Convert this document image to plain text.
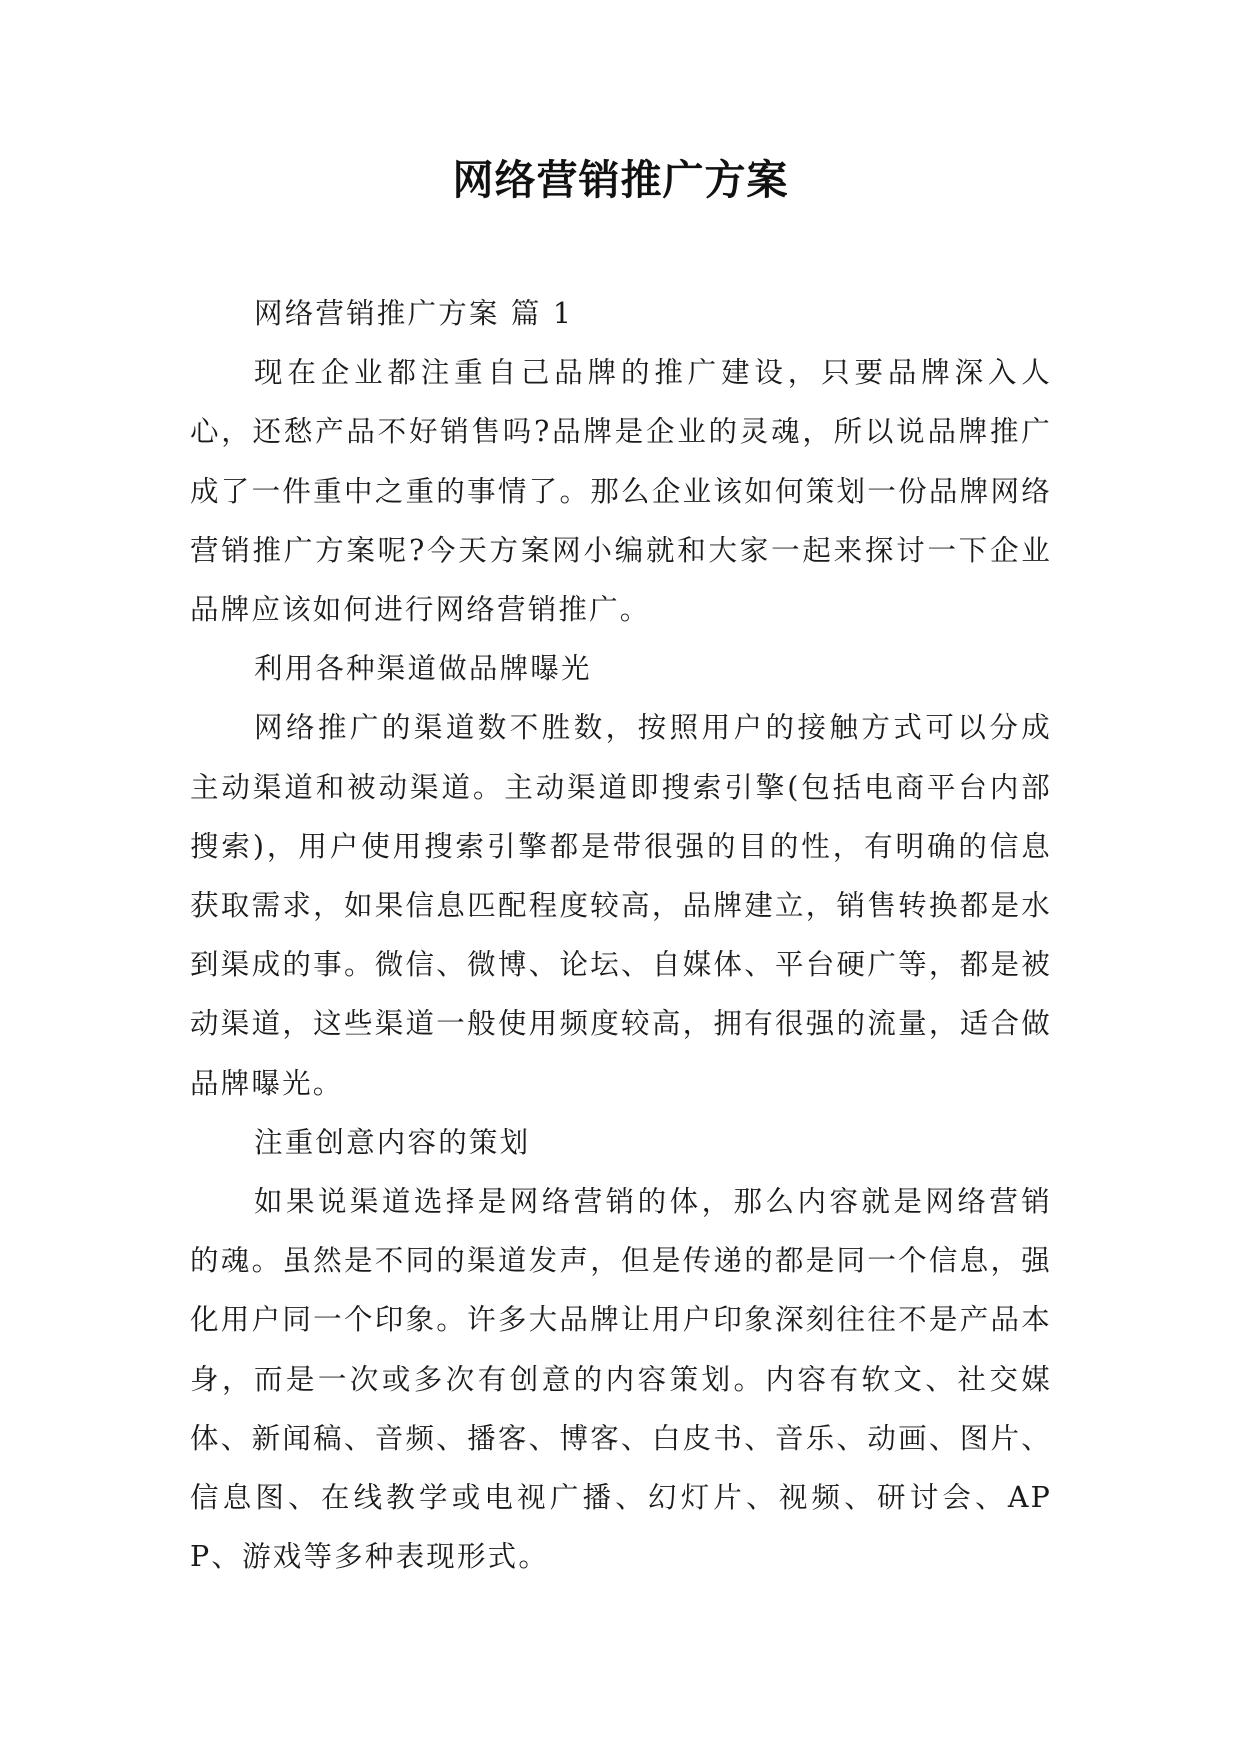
网络营销推广方案

网络营销推广方案 篇 1

现在企业都注重自己品牌的推广建设，只要品牌深入人心，还愁产品不好销售吗?品牌是企业的灵魂，所以说品牌推广成了一件重中之重的事情了。那么企业该如何策划一份品牌网络营销推广方案呢?今天方案网小编就和大家一起来探讨一下企业品牌应该如何进行网络营销推广。

利用各种渠道做品牌曝光

网络推广的渠道数不胜数，按照用户的接触方式可以分成主动渠道和被动渠道。主动渠道即搜索引擎(包括电商平台内部搜索)，用户使用搜索引擎都是带很强的目的性，有明确的信息获取需求，如果信息匹配程度较高，品牌建立，销售转换都是水到渠成的事。微信、微博、论坛、自媒体、平台硬广等，都是被动渠道，这些渠道一般使用频度较高，拥有很强的流量，适合做品牌曝光。

注重创意内容的策划

如果说渠道选择是网络营销的体，那么内容就是网络营销的魂。虽然是不同的渠道发声，但是传递的都是同一个信息，强化用户同一个印象。许多大品牌让用户印象深刻往往不是产品本身，而是一次或多次有创意的内容策划。内容有软文、社交媒体、新闻稿、音频、播客、博客、白皮书、音乐、动画、图片、信息图、在线教学或电视广播、幻灯片、视频、研讨会、APP、游戏等多种表现形式。
